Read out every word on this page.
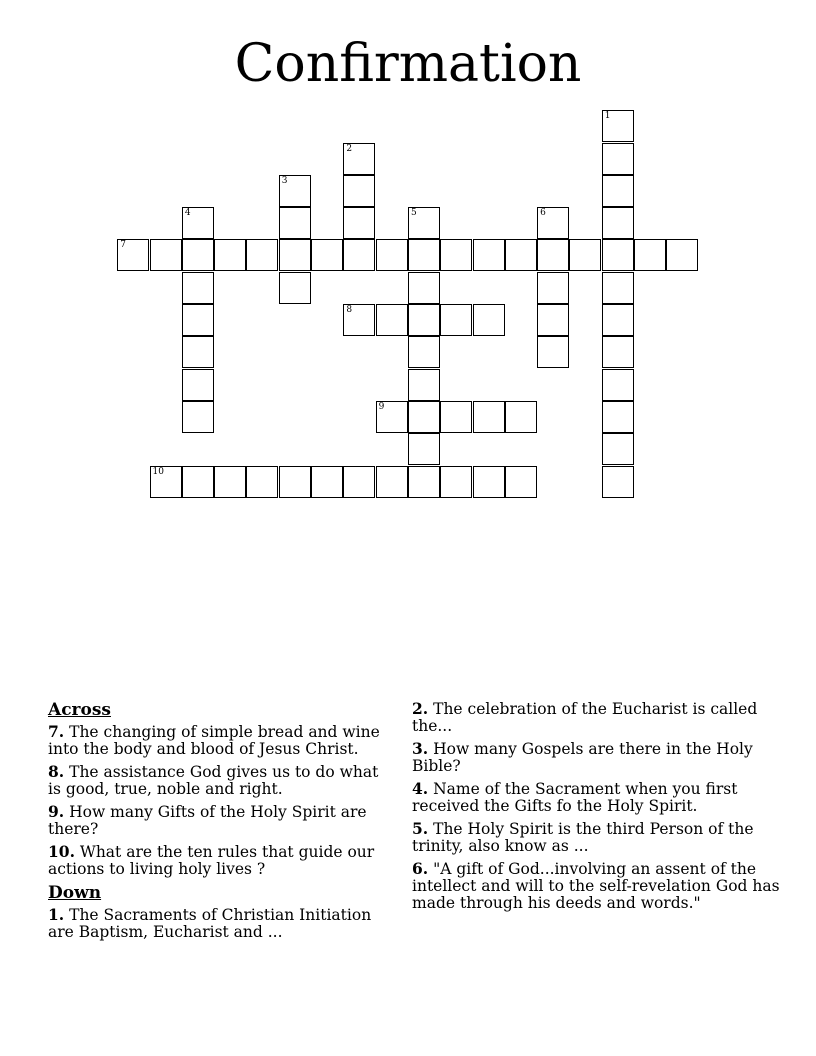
Confirmation
1
2
3
4	5	6
7
8
9
10
Across
7. The changing of simple bread and wine into the body and blood of Jesus Christ.
8. The assistance God gives us to do what is good, true, noble and right.
9. How many Gifts of the Holy Spirit are there?
10. What are the ten rules that guide our actions to living holy lives ?
Down
1. The Sacraments of Christian Initiation are Baptism, Eucharist and ...
2. The celebration of the Eucharist is called the...
3. How many Gospels are there in the Holy Bible?
4. Name of the Sacrament when you first received the Gifts fo the Holy Spirit.
5. The Holy Spirit is the third Person of the trinity, also know as ...
6. "A gift of God...involving an assent of the intellect and will to the self-revelation God has made through his deeds and words."
